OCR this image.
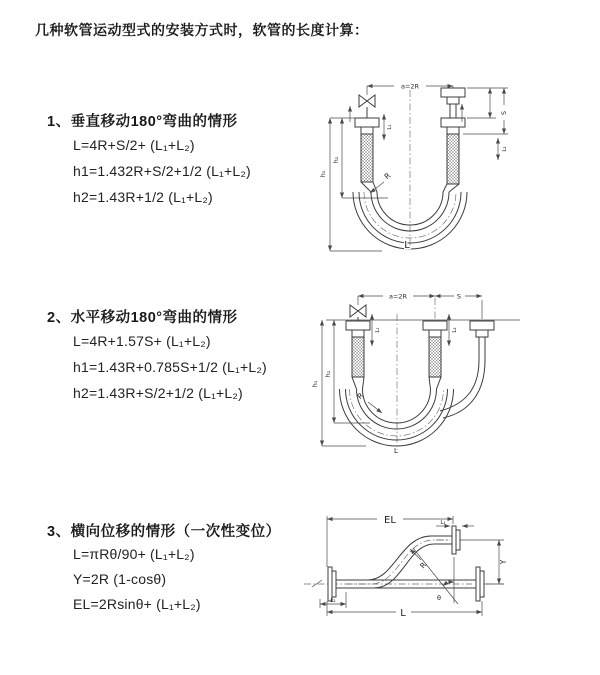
几种软管运动型式的安装方式时，软管的长度计算：
1、垂直移动180°弯曲的情形
L=4R+S/2+ (L₁+L₂)
h1=1.432R+S/2+1/2 (L₁+L₂)
h2=1.43R+1/2 (L₁+L₂)
a=2R
S
L₂
h₁
h₂
L₁
R
L
2、水平移动180°弯曲的情形
L=4R+1.57S+ (L₁+L₂)
h1=1.43R+0.785S+1/2 (L₁+L₂)
h2=1.43R+S/2+1/2 (L₁+L₂)
a=2R	S
h₁
h₂
L₁	L₂
R
L
3、横向位移的情形（一次性变位）
L=πRθ/90+ (L₁+L₂)
Y=2R (1-cosθ)
EL=2Rsinθ+ (L₁+L₂)
EL	L₁
θ
R	Y
L₂
L
